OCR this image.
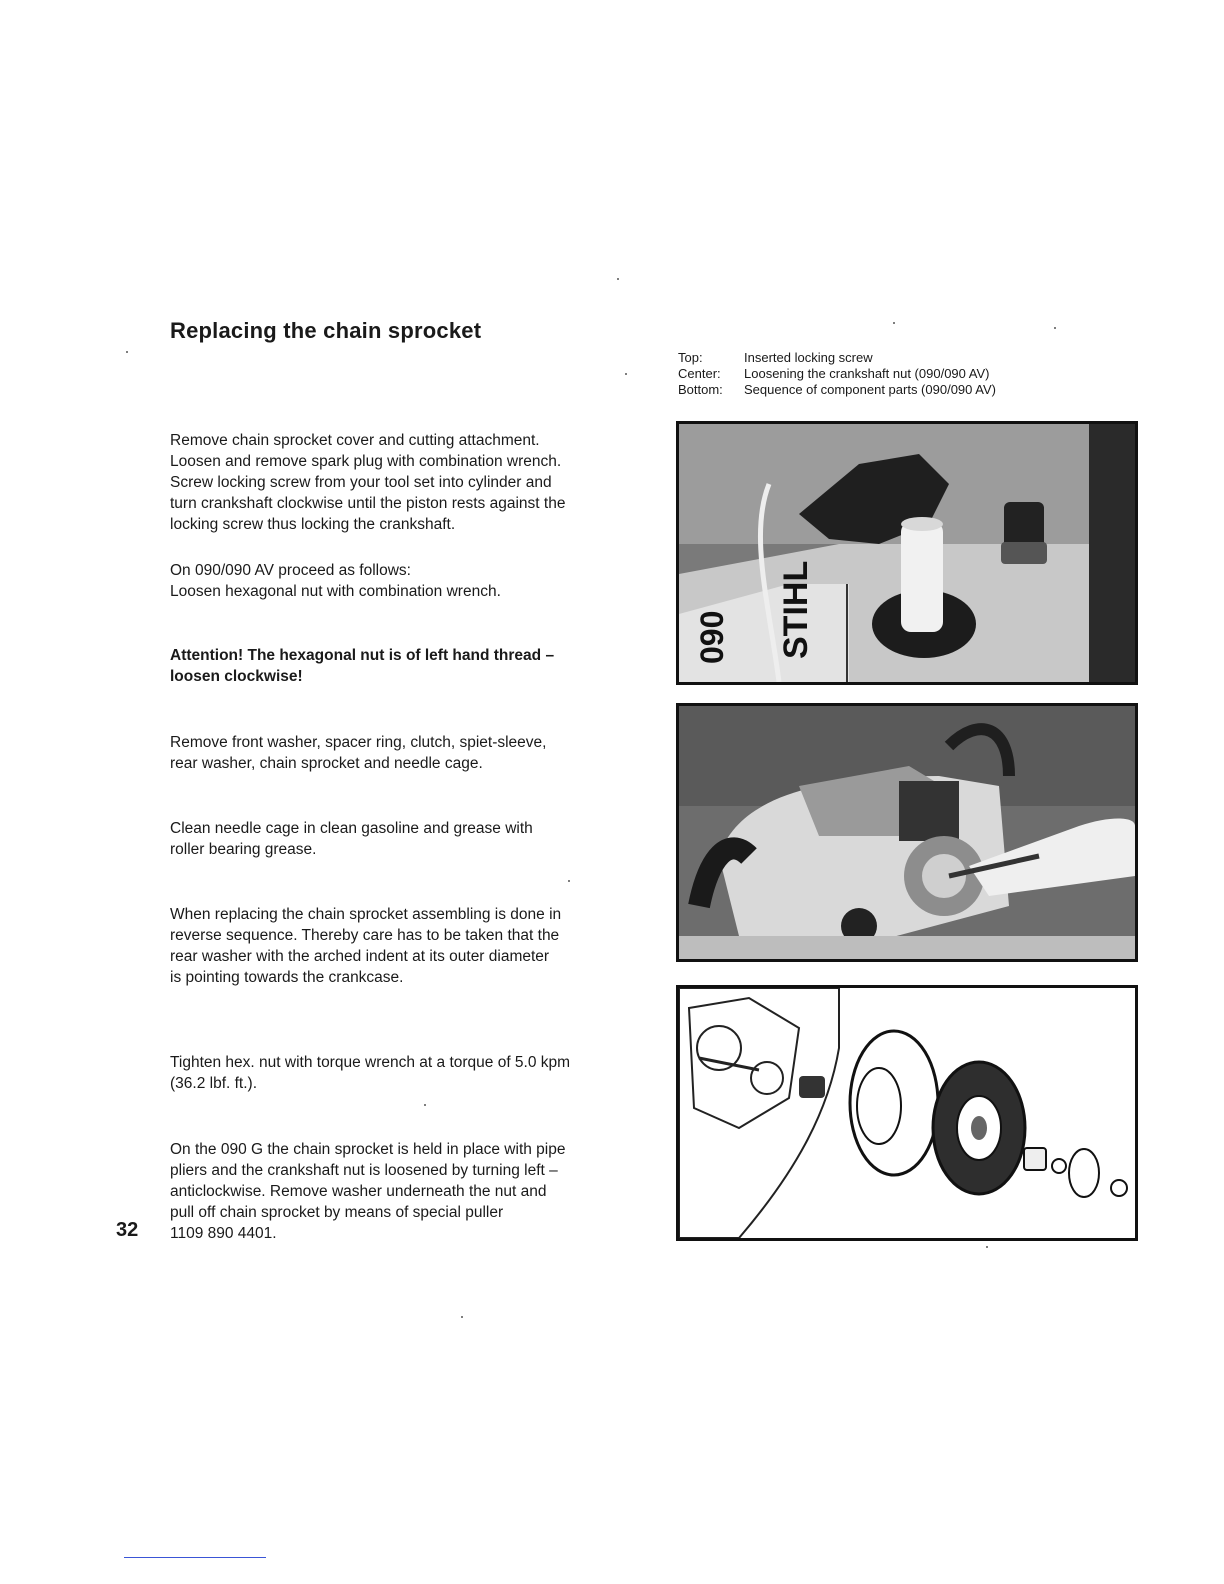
Replacing the chain sprocket
Top:	Inserted locking screw
Center:	Loosening the crankshaft nut (090/090 AV)
Bottom:	Sequence of component parts (090/090 AV)

Remove chain sprocket cover and cutting attachment.
Loosen and remove spark plug with combination wrench.
Screw locking screw from your tool set into cylinder and
turn crankshaft clockwise until the piston rests against the
locking screw thus locking the crankshaft.

On 090/090 AV proceed as follows:
Loosen hexagonal nut with combination wrench.

Attention! The hexagonal nut is of left hand thread –
loosen clockwise!

Remove front washer, spacer ring, clutch, spiet-sleeve,
rear washer, chain sprocket and needle cage.

Clean needle cage in clean gasoline and grease with
roller bearing grease.

When replacing the chain sprocket assembling is done in
reverse sequence. Thereby care has to be taken that the
rear washer with the arched indent at its outer diameter
is pointing towards the crankcase.

Tighten hex. nut with torque wrench at a torque of 5.0 kpm
(36.2 lbf. ft.).

On the 090 G the chain sprocket is held in place with pipe
pliers and the crankshaft nut is loosened by turning left –
anticlockwise. Remove washer underneath the nut and
pull off chain sprocket by means of special puller
1109 890 4401.

32
090 STIHL
